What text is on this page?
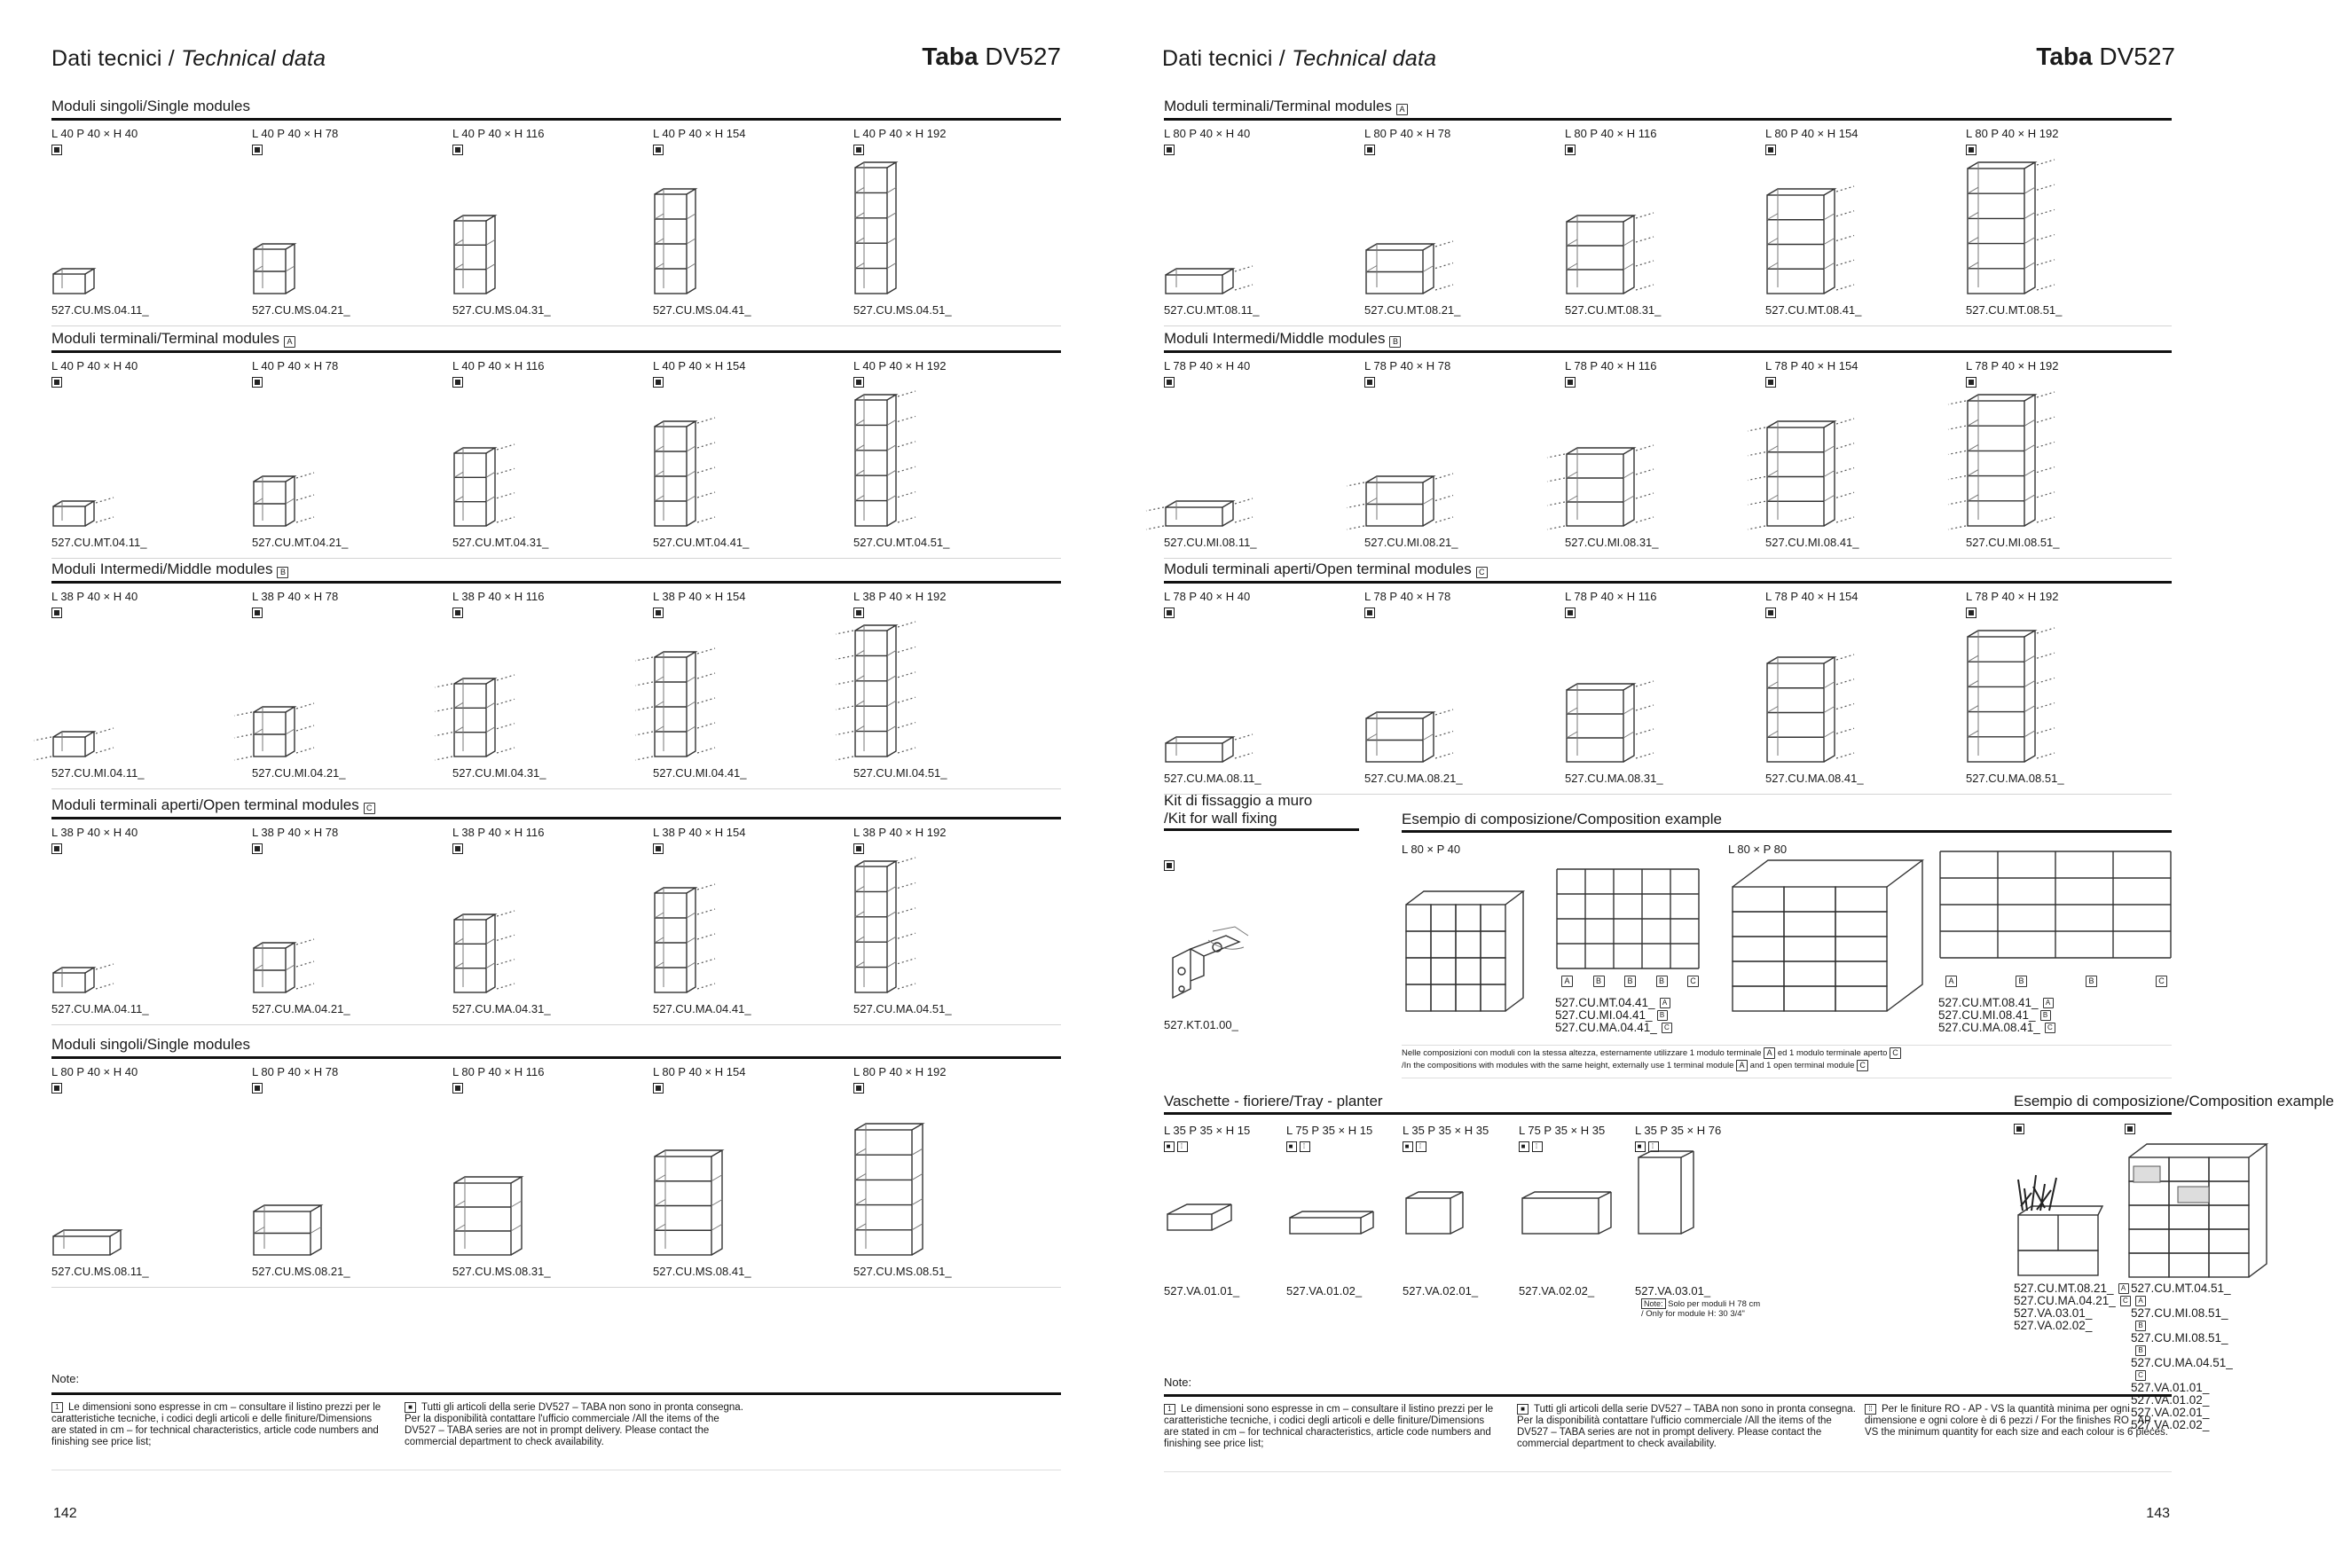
Dati tecnici / Technical data	Taba DV527
Moduli singoli/Single modules
L 40 P 40 × H 40
527.CU.MS.04.11_
L 40 P 40 × H 78
527.CU.MS.04.21_
L 40 P 40 × H 116
527.CU.MS.04.31_
L 40 P 40 × H 154
527.CU.MS.04.41_
L 40 P 40 × H 192
527.CU.MS.04.51_
Moduli terminali/Terminal modules A
L 40 P 40 × H 40
527.CU.MT.04.11_
L 40 P 40 × H 78
527.CU.MT.04.21_
L 40 P 40 × H 116
527.CU.MT.04.31_
L 40 P 40 × H 154
527.CU.MT.04.41_
L 40 P 40 × H 192
527.CU.MT.04.51_
Moduli Intermedi/Middle modules B
L 38 P 40 × H 40
527.CU.MI.04.11_
L 38 P 40 × H 78
527.CU.MI.04.21_
L 38 P 40 × H 116
527.CU.MI.04.31_
L 38 P 40 × H 154
527.CU.MI.04.41_
L 38 P 40 × H 192
527.CU.MI.04.51_
Moduli terminali aperti/Open terminal modules C
L 38 P 40 × H 40
527.CU.MA.04.11_
L 38 P 40 × H 78
527.CU.MA.04.21_
L 38 P 40 × H 116
527.CU.MA.04.31_
L 38 P 40 × H 154
527.CU.MA.04.41_
L 38 P 40 × H 192
527.CU.MA.04.51_
Moduli singoli/Single modules
L 80 P 40 × H 40
527.CU.MS.08.11_
L 80 P 40 × H 78
527.CU.MS.08.21_
L 80 P 40 × H 116
527.CU.MS.08.31_
L 80 P 40 × H 154
527.CU.MS.08.41_
L 80 P 40 × H 192
527.CU.MS.08.51_
Note:
1 Le dimensioni sono espresse in cm – consultare il listino prezzi per le caratteristiche tecniche, i codici degli articoli e delle finiture/Dimensions are stated in cm – for technical characteristics, article code numbers and finishing see price list;
■ Tutti gli articoli della serie DV527 – TABA non sono in pronta consegna. Per la disponibilità contattare l'ufficio commerciale /All the items of the DV527 – TABA series are not in prompt delivery. Please contact the commercial department to check availability.
142
Dati tecnici / Technical data	Taba DV527
Moduli terminali/Terminal modules A
L 80 P 40 × H 40
527.CU.MT.08.11_
L 80 P 40 × H 78
527.CU.MT.08.21_
L 80 P 40 × H 116
527.CU.MT.08.31_
L 80 P 40 × H 154
527.CU.MT.08.41_
L 80 P 40 × H 192
527.CU.MT.08.51_
Moduli Intermedi/Middle modules B
L 78 P 40 × H 40
527.CU.MI.08.11_
L 78 P 40 × H 78
527.CU.MI.08.21_
L 78 P 40 × H 116
527.CU.MI.08.31_
L 78 P 40 × H 154
527.CU.MI.08.41_
L 78 P 40 × H 192
527.CU.MI.08.51_
Moduli terminali aperti/Open terminal modules C
L 78 P 40 × H 40
527.CU.MA.08.11_
L 78 P 40 × H 78
527.CU.MA.08.21_
L 78 P 40 × H 116
527.CU.MA.08.31_
L 78 P 40 × H 154
527.CU.MA.08.41_
L 78 P 40 × H 192
527.CU.MA.08.51_
Kit di fissaggio a muro
/Kit for wall fixing
527.KT.01.00_
Esempio di composizione/Composition example
L 80 × P 40	L 80 × P 80
A	B	B	B	C
527.CU.MT.04.41_ A
527.CU.MI.04.41_ B
527.CU.MA.04.41_ C
A	B	B	C
527.CU.MT.08.41_ A
527.CU.MI.08.41_ B
527.CU.MA.08.41_ C
Nelle composizioni con moduli con la stessa altezza, esternamente utilizzare 1 modulo terminale A ed 1 modulo terminale aperto C
/In the compositions with modules with the same height, externally use 1 terminal module A and 1 open terminal module C
Vaschette - fioriere/Tray - planter
L 35 P 35 × H 15
■ ⁞
527.VA.01.01_
L 75 P 35 × H 15
■ ⁞
527.VA.01.02_
L 35 P 35 × H 35
■ ⁞
527.VA.02.01_
L 75 P 35 × H 35
■ ⁞
527.VA.02.02_
L 35 P 35 × H 76
■ ⁞
527.VA.03.01_
Note: Solo per moduli H 78 cm
/ Only for module H: 30 3/4"
Esempio di composizione/Composition example
527.CU.MT.08.21_ A
527.CU.MA.04.21_ C
527.VA.03.01_
527.VA.02.02_
527.CU.MT.04.51_A
527.CU.MI.08.51_B
527.CU.MI.08.51_B
527.CU.MA.04.51_C
527.VA.01.01_
527.VA.01.02_
527.VA.02.01_
527.VA.02.02_
Note:
1 Le dimensioni sono espresse in cm – consultare il listino prezzi per le caratteristiche tecniche, i codici degli articoli e delle finiture/Dimensions are stated in cm – for technical characteristics, article code numbers and finishing see price list;
■ Tutti gli articoli della serie DV527 – TABA non sono in pronta consegna. Per la disponibilità contattare l'ufficio commerciale /All the items of the DV527 – TABA series are not in prompt delivery. Please contact the commercial department to check availability.
⁞⁞ Per le finiture RO - AP - VS la quantità minima per ogni dimensione e ogni colore è di 6 pezzi / For the finishes RO - AP - VS the minimum quantity for each size and each colour is 6 pieces.
143
